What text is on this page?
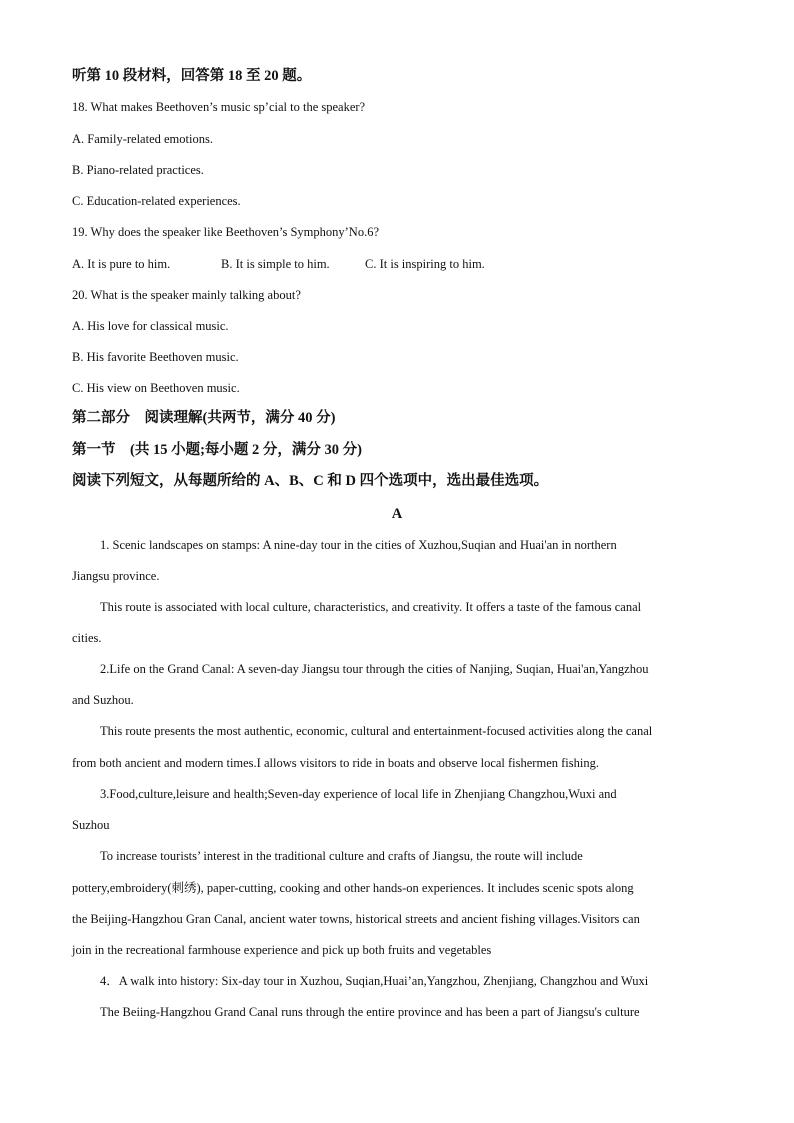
听第 10 段材料，回答第 18 至 20 题。
18. What makes Beethoven’s music sp’cial to the speaker?
A. Family-related emotions.
B. Piano-related practices.
C. Education-related experiences.
19. Why does the speaker like Beethoven’s Symphony’No.6?
A. It is pure to him.	B. It is simple to him.	C. It is inspiring to him.
20. What is the speaker mainly talking about?
A. His love for classical music.
B. His favorite Beethoven music.
C. His view on Beethoven music.
第二部分　阅读理解(共两节，满分 40 分)
第一节　(共 15 小题;每小题 2 分，满分 30 分)
阅读下列短文，从每题所给的 A、B、C 和 D 四个选项中，选出最佳选项。
A
1. Scenic landscapes on stamps: A nine-day tour in the cities of Xuzhou,Suqian and Huai'an in northern
Jiangsu province.
This route is associated with local culture, characteristics, and creativity. It offers a taste of the famous canal
cities.
2.Life on the Grand Canal: A seven-day Jiangsu tour through the cities of Nanjing, Suqian, Huai'an,Yangzhou
and Suzhou.
This route presents the most authentic, economic, cultural and entertainment-focused activities along the canal
from both ancient and modern times.I allows visitors to ride in boats and observe local fishermen fishing.
3.Food,culture,leisure and health;Seven-day experience of local life in Zhenjiang Changzhou,Wuxi and
Suzhou
To increase tourists’ interest in the traditional culture and crafts of Jiangsu, the route will include
pottery,embroidery(刺绣), paper-cutting, cooking and other hands-on experiences. It includes scenic spots along
the Beijing-Hangzhou Gran Canal, ancient water towns, historical streets and ancient fishing villages.Visitors can
join in the recreational farmhouse experience and pick up both fruits and vegetables
4．A walk into history: Six-day tour in Xuzhou, Suqian,Huai’an,Yangzhou, Zhenjiang, Changzhou and Wuxi
The Beiing-Hangzhou Grand Canal runs through the entire province and has been a part of Jiangsu's culture
